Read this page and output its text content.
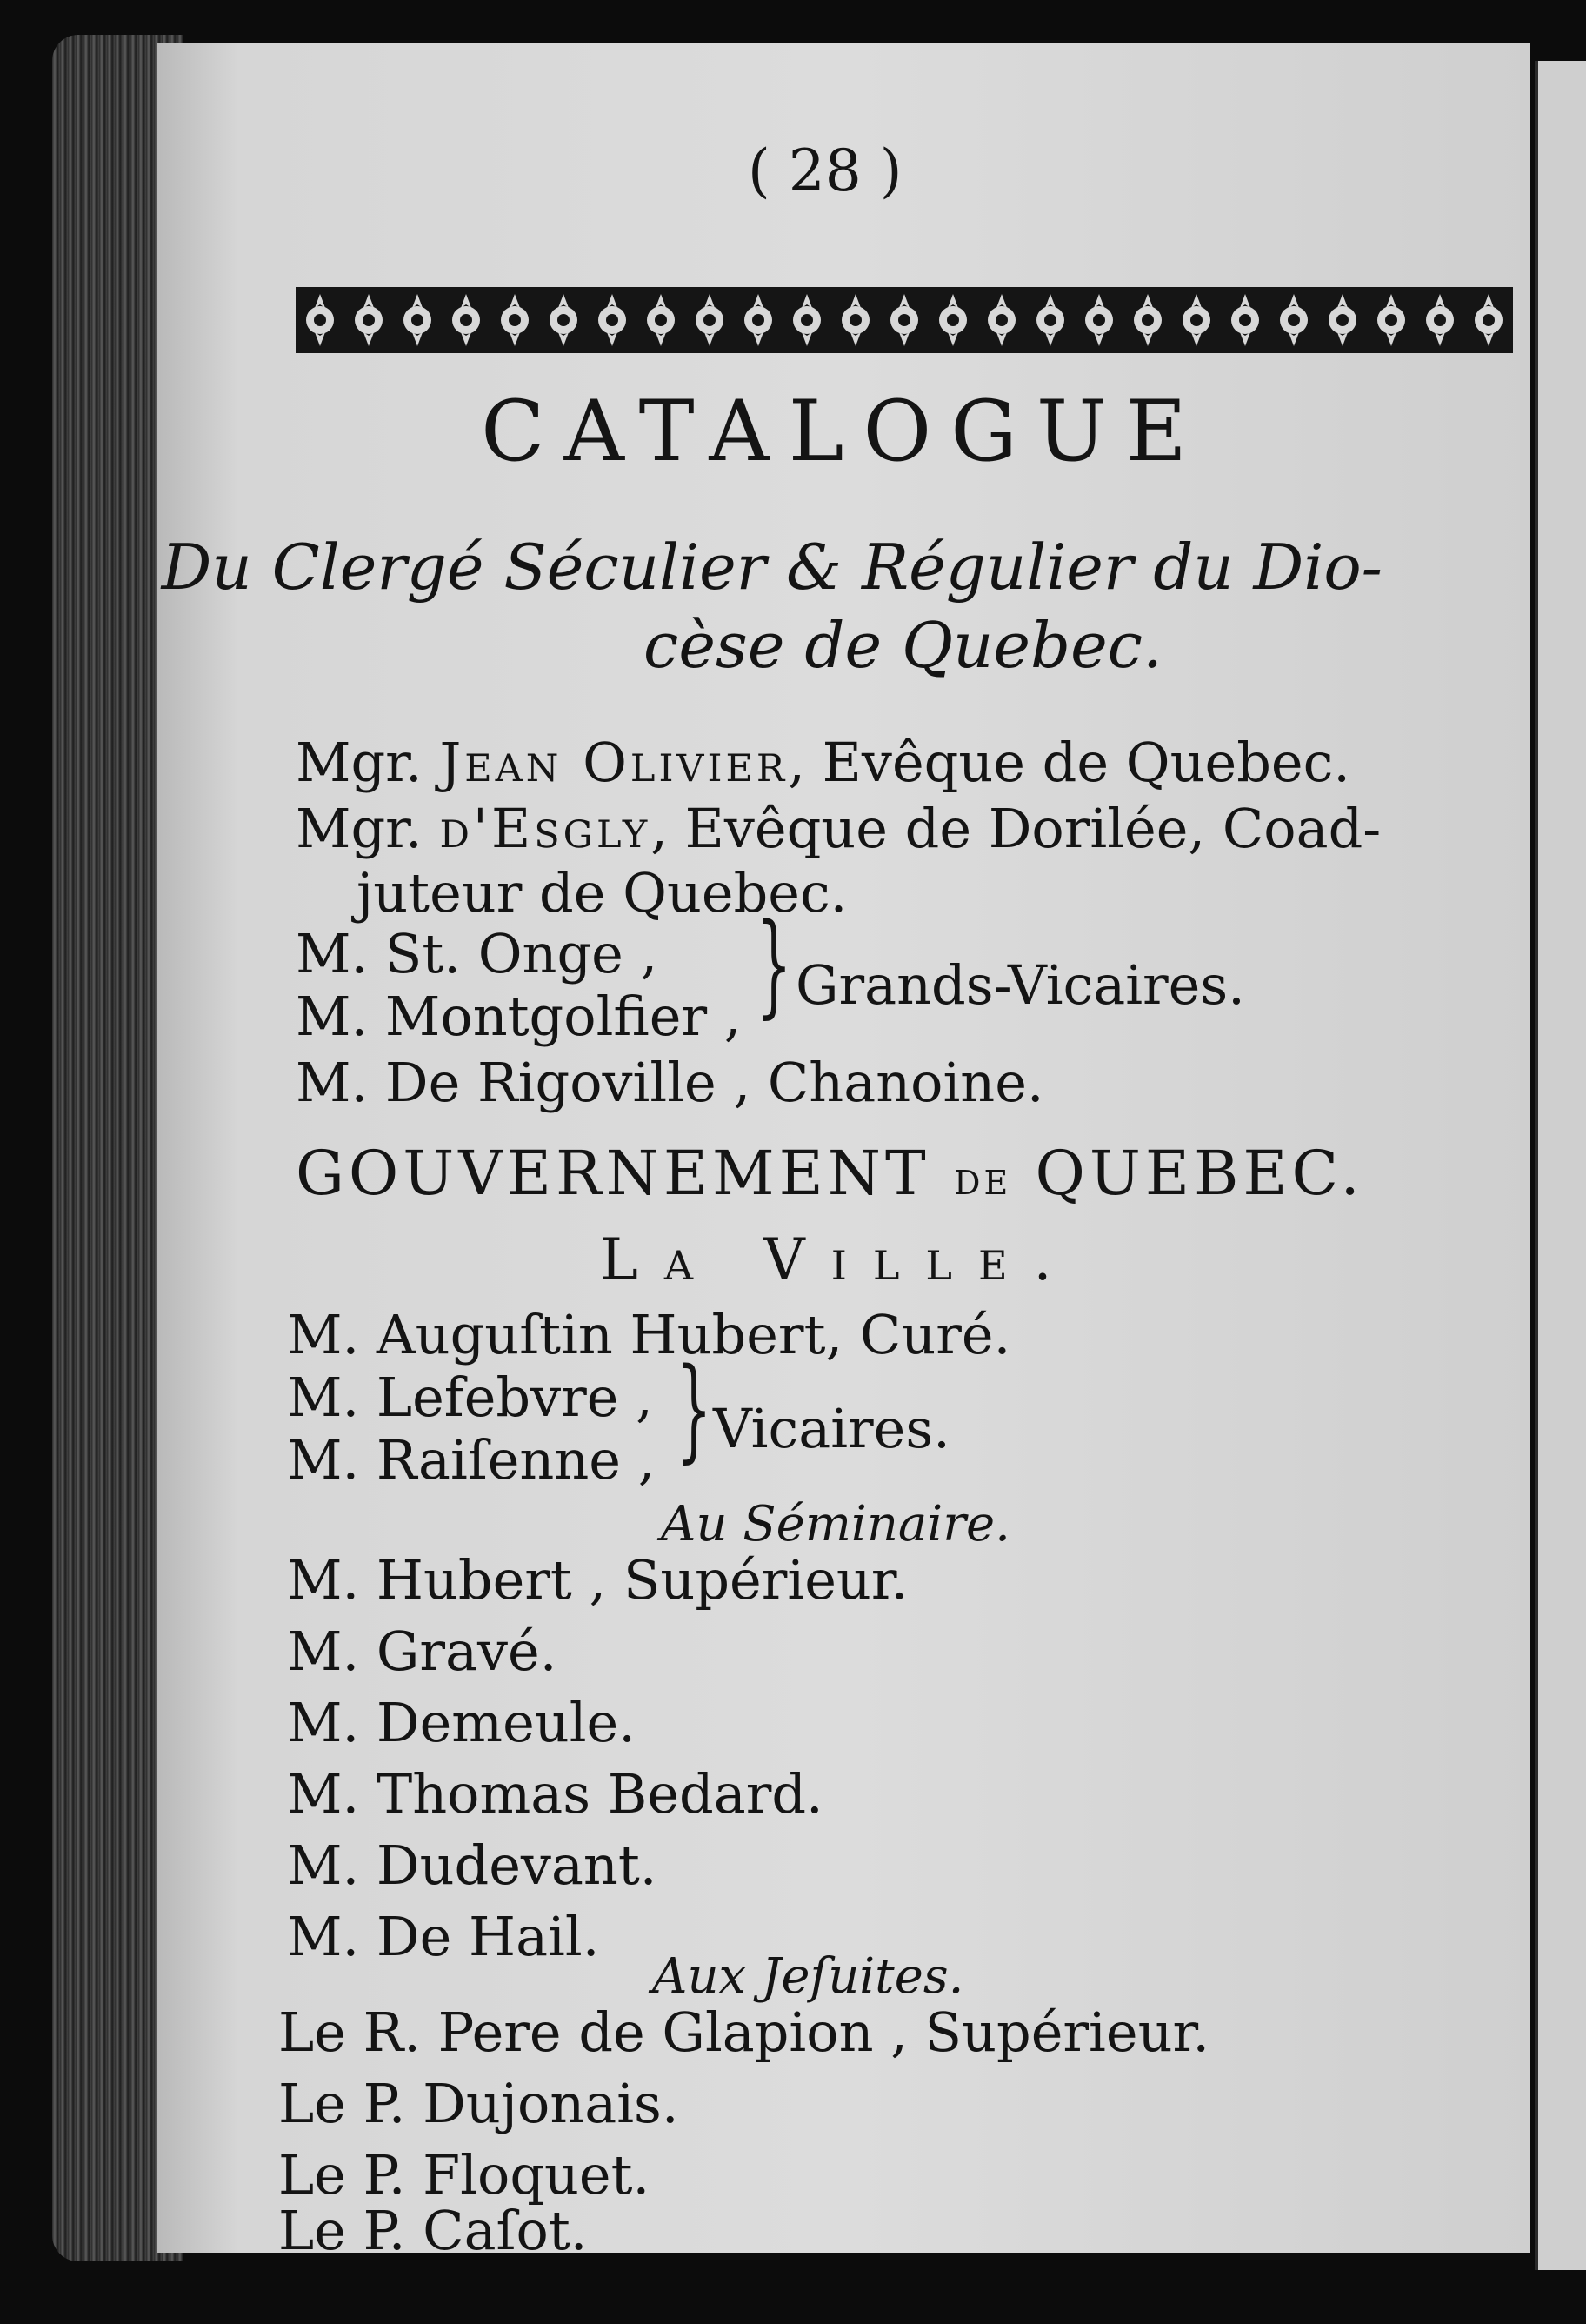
( 28 )
CATALOGUE
Du Clergé Séculier & Régulier du Dio-
cèse de Quebec.
Mgr. Jean Olivier, Evêque de Quebec.
Mgr. d'Esgly, Evêque de Dorilée, Coad-
juteur de Quebec.
M. St. Onge ,
M. Montgolfier , } Grands-Vicaires.
M. De Rigoville , Chanoine.
GOUVERNEMENT de QUEBEC.
La Ville.
M. Auguſtin Hubert, Curé.
M. Lefebvre ,
M. Raiſenne , } Vicaires.
Au Séminaire.
M. Hubert , Supérieur.
M. Gravé.
M. Demeule.
M. Thomas Bedard.
M. Dudevant.
M. De Hail.
Aux Jeſuites.
Le R. Pere de Glapion , Supérieur.
Le P. Dujonais.
Le P. Floquet.
Le P. Caſot.
